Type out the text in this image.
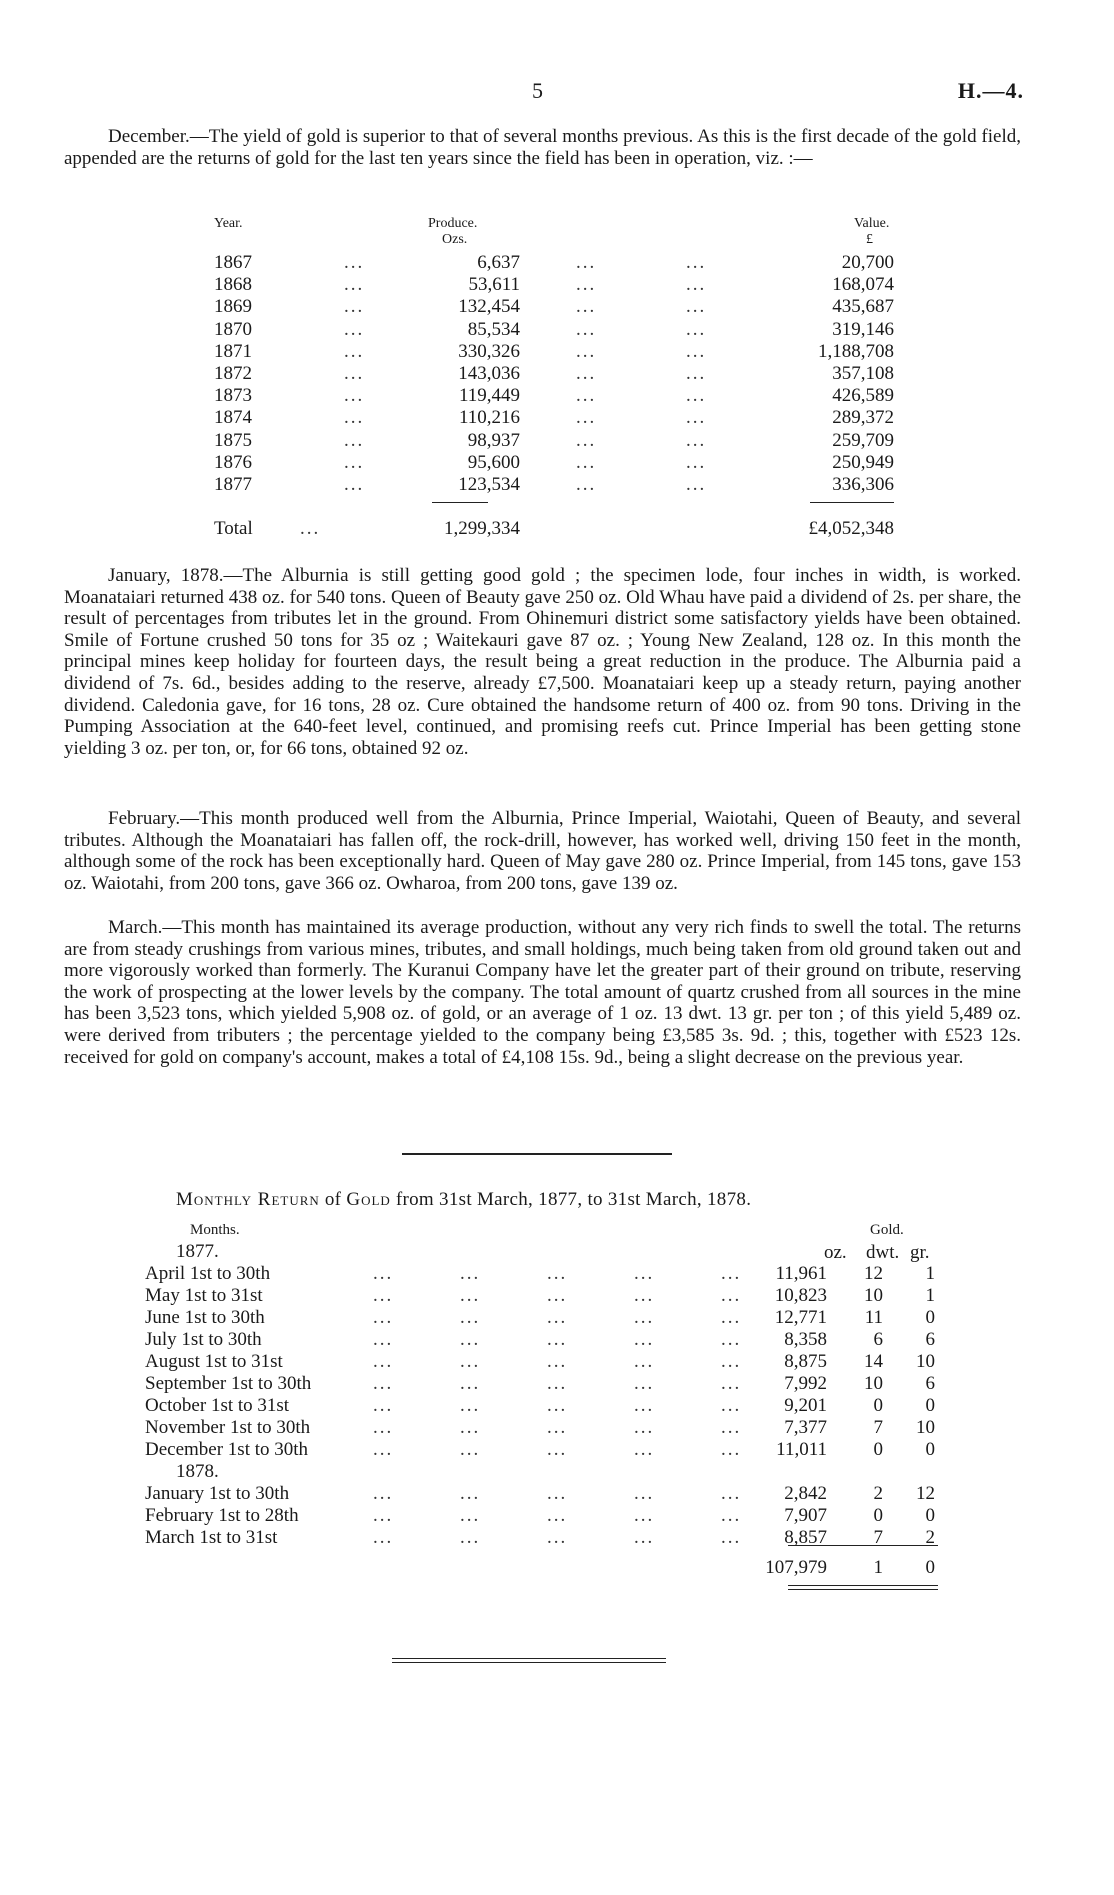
5	H.—4.

December.—The yield of gold is superior to that of several months previous. As this is the first decade of the gold field, appended are the returns of gold for the last ten years since the field has been in operation, viz. :—

Year.	Produce.
Ozs.
Value.
£
1867	...	6,637	...	...	20,700
1868	...	53,611	...	...	168,074
1869	...	132,454	...	...	435,687
1870	...	85,534	...	...	319,146
1871	...	330,326	...	...	1,188,708
1872	...	143,036	...	...	357,108
1873	...	119,449	...	...	426,589
1874	...	110,216	...	...	289,372
1875	...	98,937	...	...	259,709
1876	...	95,600	...	...	250,949
1877	...	123,534	...	...	336,306
Total ...	1,299,334	£4,052,348

January, 1878.—The Alburnia is still getting good gold ; the specimen lode, four inches in width, is worked. Moanataiari returned 438 oz. for 540 tons. Queen of Beauty gave 250 oz. Old Whau have paid a dividend of 2s. per share, the result of percentages from tributes let in the ground. From Ohinemuri district some satisfactory yields have been obtained. Smile of Fortune crushed 50 tons for 35 oz ; Waitekauri gave 87 oz. ; Young New Zealand, 128 oz. In this month the principal mines keep holiday for fourteen days, the result being a great reduction in the produce. The Alburnia paid a dividend of 7s. 6d., besides adding to the reserve, already £7,500. Moanataiari keep up a steady return, paying another dividend. Caledonia gave, for 16 tons, 28 oz. Cure obtained the handsome return of 400 oz. from 90 tons. Driving in the Pumping Association at the 640-feet level, continued, and promising reefs cut. Prince Imperial has been getting stone yielding 3 oz. per ton, or, for 66 tons, obtained 92 oz.

February.—This month produced well from the Alburnia, Prince Imperial, Waiotahi, Queen of Beauty, and several tributes. Although the Moanataiari has fallen off, the rock-drill, however, has worked well, driving 150 feet in the month, although some of the rock has been exceptionally hard. Queen of May gave 280 oz. Prince Imperial, from 145 tons, gave 153 oz. Waiotahi, from 200 tons, gave 366 oz. Owharoa, from 200 tons, gave 139 oz.

March.—This month has maintained its average production, without any very rich finds to swell the total. The returns are from steady crushings from various mines, tributes, and small holdings, much being taken from old ground taken out and more vigorously worked than formerly. The Kuranui Company have let the greater part of their ground on tribute, reserving the work of prospecting at the lower levels by the company. The total amount of quartz crushed from all sources in the mine has been 3,523 tons, which yielded 5,908 oz. of gold, or an average of 1 oz. 13 dwt. 13 gr. per ton ; of this yield 5,489 oz. were derived from tributers ; the percentage yielded to the company being £3,585 3s. 9d. ; this, together with £523 12s. received for gold on company's account, makes a total of £4,108 15s. 9d., being a slight decrease on the previous year.

Monthly Return of Gold from 31st March, 1877, to 31st March, 1878.
Months.	Gold.
oz. dwt. gr.
1877.
1878.
April 1st to 30th	...	...	...	...	...	11,961 12 1
May 1st to 31st	...	...	...	...	...	10,823 10 1
June 1st to 30th	...	...	...	...	...	12,771 11 0
July 1st to 30th	...	...	...	...	...	8,358 6 6
August 1st to 31st	...	...	...	...	...	8,875 14 10
September 1st to 30th	...	...	...	...	...	7,992 10 6
October 1st to 31st	...	...	...	...	...	9,201 0 0
November 1st to 30th	...	...	...	...	...	7,377 7 10
December 1st to 30th	...	...	...	...	...	11,011 0 0
January 1st to 30th	...	...	...	...	...	2,842 2 12
February 1st to 28th	...	...	...	...	...	7,907 0 0
March 1st to 31st	...	...	...	...	...	8,857 7 2
107,979 1 0
